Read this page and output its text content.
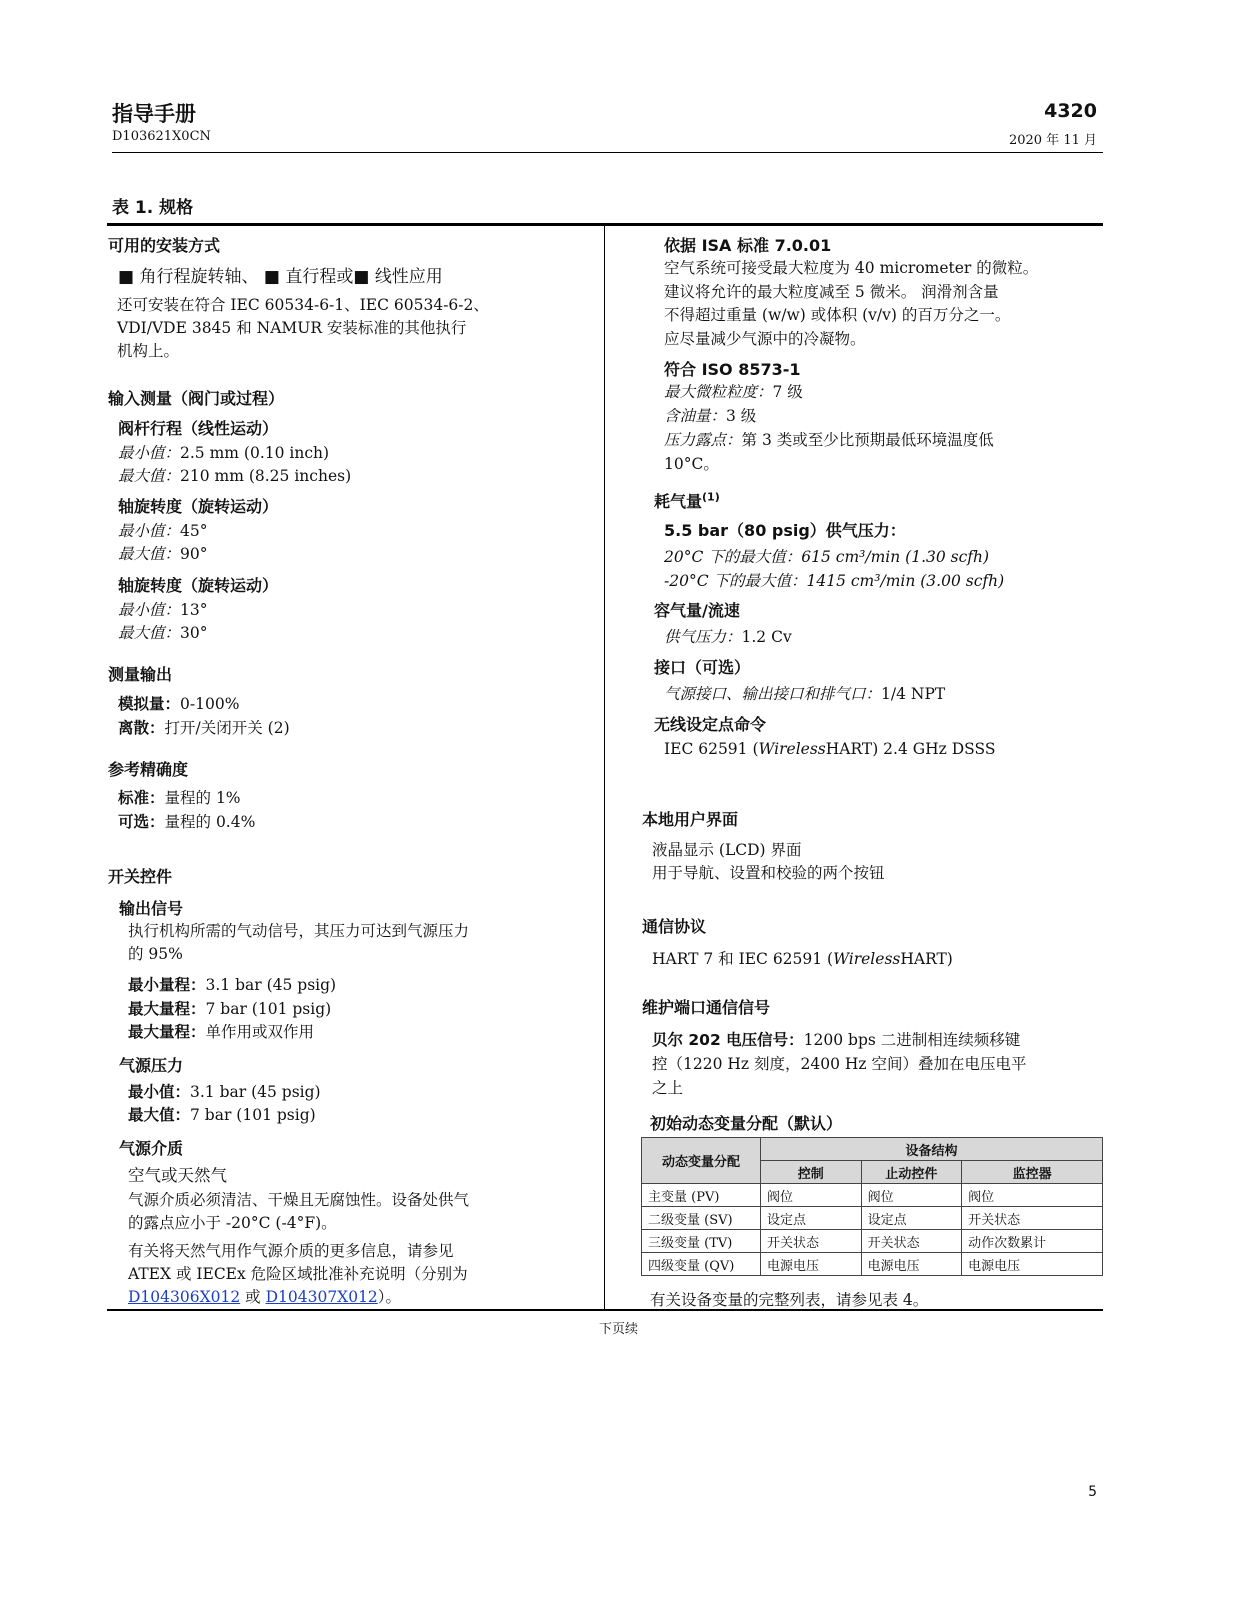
指导手册
D103621X0CN
4320
2020 年 11 月
表 1. 规格
可用的安装方式
■ 角行程旋转轴、 ■ 直行程或■ 线性应用
还可安装在符合 IEC 60534-6-1、IEC 60534-6-2、
VDI/VDE 3845 和 NAMUR 安装标准的其他执行
机构上。
输入测量（阀门或过程）
阀杆行程（线性运动）
最小值：2.5 mm (0.10 inch)
最大值：210 mm (8.25 inches)
轴旋转度（旋转运动）
最小值：45°
最大值：90°
轴旋转度（旋转运动）
最小值：13°
最大值：30°
测量输出
模拟量：0-100%
离散：打开/关闭开关 (2)
参考精确度
标准：量程的 1%
可选：量程的 0.4%
开关控件
输出信号
执行机构所需的气动信号，其压力可达到气源压力
的 95%
最小量程：3.1 bar (45 psig)
最大量程：7 bar (101 psig)
最大量程：单作用或双作用
气源压力
最小值：3.1 bar (45 psig)
最大值：7 bar (101 psig)
气源介质
空气或天然气
气源介质必须清洁、干燥且无腐蚀性。设备处供气
的露点应小于 -20°C (-4°F)。
有关将天然气用作气源介质的更多信息，请参见
ATEX 或 IECEx 危险区域批准补充说明（分别为
D104306X012 或 D104307X012）。
依据 ISA 标准 7.0.01
空气系统可接受最大粒度为 40 micrometer 的微粒。
建议将允许的最大粒度减至 5 微米。 润滑剂含量
不得超过重量 (w/w) 或体积 (v/v) 的百万分之一。
应尽量减少气源中的冷凝物。
符合 ISO 8573-1
最大微粒粒度：7 级
含油量：3 级
压力露点：第 3 类或至少比预期最低环境温度低
10°C。
耗气量$^{(1)}$
5.5 bar（80 psig）供气压力：
20°C 下的最大值：615 cm³/min (1.30 scfh)
-20°C 下的最大值：1415 cm³/min (3.00 scfh)
容气量/流速
供气压力：1.2 Cv
接口（可选）
气源接口、输出接口和排气口：1/4 NPT
无线设定点命令
IEC 62591 (WirelessHART) 2.4 GHz DSSS
本地用户界面
液晶显示 (LCD) 界面
用于导航、设置和校验的两个按钮
通信协议
HART 7 和 IEC 62591 (WirelessHART)
维护端口通信信号
贝尔 202 电压信号：1200 bps 二进制相连续频移键
控（1220 Hz 刻度，2400 Hz 空间）叠加在电压电平
之上
初始动态变量分配（默认）
动态变量分配	设备结构		
	控制	止动控件	监控器
主变量 (PV)	阀位	阀位	阀位
二级变量 (SV)	设定点	设定点	开关状态
三级变量 (TV)	开关状态	开关状态	动作次数累计
四级变量 (QV)	电源电压	电源电压	电源电压
有关设备变量的完整列表，请参见表 4。
下页续
5
